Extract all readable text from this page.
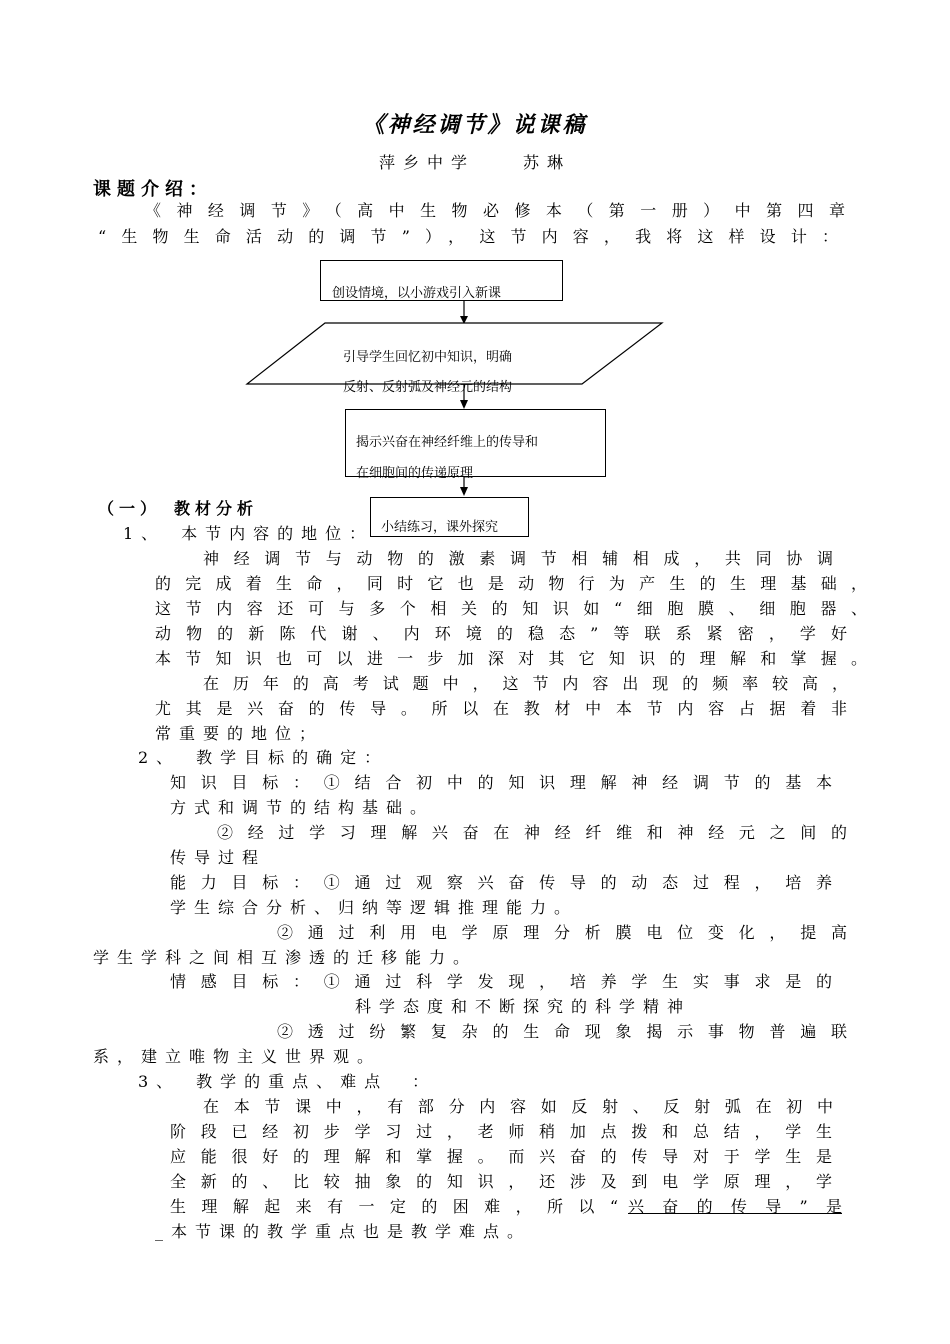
《神经调节》说课稿
萍乡中学　　苏琳
课题介绍：
《神经调节》（高中生物必修本（第一册）中第四章
“生物生命活动的调节”），这节内容，我将这样设计：
创设情境，以小游戏引入新课
引导学生回忆初中知识，明确
反射、反射弧及神经元的结构
揭示兴奋在神经纤维上的传导和
在细胞间的传递原理
小结练习，课外探究
（一）　教材分析
1、　本节内容的地位：
神经调节与动物的激素调节相辅相成，共同协调
的完成着生命，同时它也是动物行为产生的生理基础，
这节内容还可与多个相关的知识如“细胞膜、细胞器、
动物的新陈代谢、内环境的稳态”等联系紧密，学好
本节知识也可以进一步加深对其它知识的理解和掌握。
在历年的高考试题中，这节内容出现的频率较高，
尤其是兴奋的传导。所以在教材中本节内容占据着非
常重要的地位；
2、　教学目标的确定：
知识目标：①结合初中的知识理解神经调节的基本
方式和调节的结构基础。
②经过学习理解兴奋在神经纤维和神经元之间的
传导过程
能力目标：①通过观察兴奋传导的动态过程，培养
学生综合分析、归纳等逻辑推理能力。
②通过利用电学原理分析膜电位变化，提高
学生学科之间相互渗透的迁移能力。
情感目标：①通过科学发现，培养学生实事求是的
科学态度和不断探究的科学精神
②透过纷繁复杂的生命现象揭示事物普遍联
系，建立唯物主义世界观。
3、　教学的重点、难点　：
在本节课中，有部分内容如反射、反射弧在初中
阶段已经初步学习过，老师稍加点拨和总结，学生
应能很好的理解和掌握。而兴奋的传导对于学生是
全新的、比较抽象的知识，还涉及到电学原理，学
生理解起来有一定的困难，所以“ 兴奋的传导”是
_本节课的教学重点也是教学难点。
